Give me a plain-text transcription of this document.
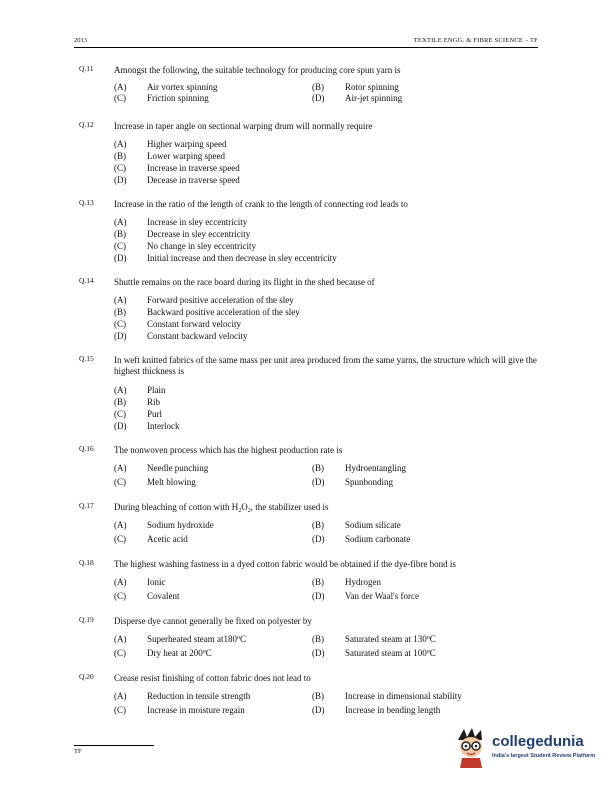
2013	TEXTILE ENGG. & FIBRE SCIENCE – TF
Q.11 Amongst the following, the suitable technology for producing core spun yarn is
(A) Air vortex spinning	(B) Rotor spinning
(C) Friction spinning	(D) Air-jet spinning
Q.12 Increase in taper angle on sectional warping drum will normally require
(A) Higher warping speed
(B) Lower warping speed
(C) Increase in traverse speed
(D) Decease in traverse speed
Q.13 Increase in the ratio of the length of crank to the length of connecting rod leads to
(A) Increase in sley eccentricity
(B) Decrease in sley eccentricity
(C) No change in sley eccentricity
(D) Initial increase and then decrease in sley eccentricity
Q.14 Shuttle remains on the race board during its flight in the shed because of
(A) Forward positive acceleration of the sley
(B) Backward positive acceleration of the sley
(C) Constant forward velocity
(D) Constant backward velocity
Q.15 In weft knitted fabrics of the same mass per unit area produced from the same yarns, the structure which will give the highest thickness is
(A) Plain
(B) Rib
(C) Purl
(D) Interlock
Q.16 The nonwoven process which has the highest production rate is
(A) Needle punching	(B) Hydroentangling
(C) Melt blowing	(D) Spunbonding
Q.17 During bleaching of cotton with $H_2O_2$, the stabilizer used is
(A) Sodium hydroxide	(B) Sodium silicate
(C) Acetic acid	(D) Sodium carbonate
Q.18 The highest washing fastness in a dyed cotton fabric would be obtained if the dye-fibre bond is
(A) Ionic	(B) Hydrogen
(C) Covalent	(D) Van der Waal's force
Q.19 Disperse dye cannot generally be fixed on polyester by
(A) Superheated steam at180$^o$C	(B) Saturated steam at 130$^o$C
(C) Dry heat at 200$^o$C	(D) Saturated steam at 100$^o$C
Q.20 Crease resist finishing of cotton fabric does not lead to
(A) Reduction in tensile strength	(B) Increase in dimensional stability
(C) Increase in moisture regain	(D) Increase in bending length
TF
collegedunia
India's largest Student Review Platform
